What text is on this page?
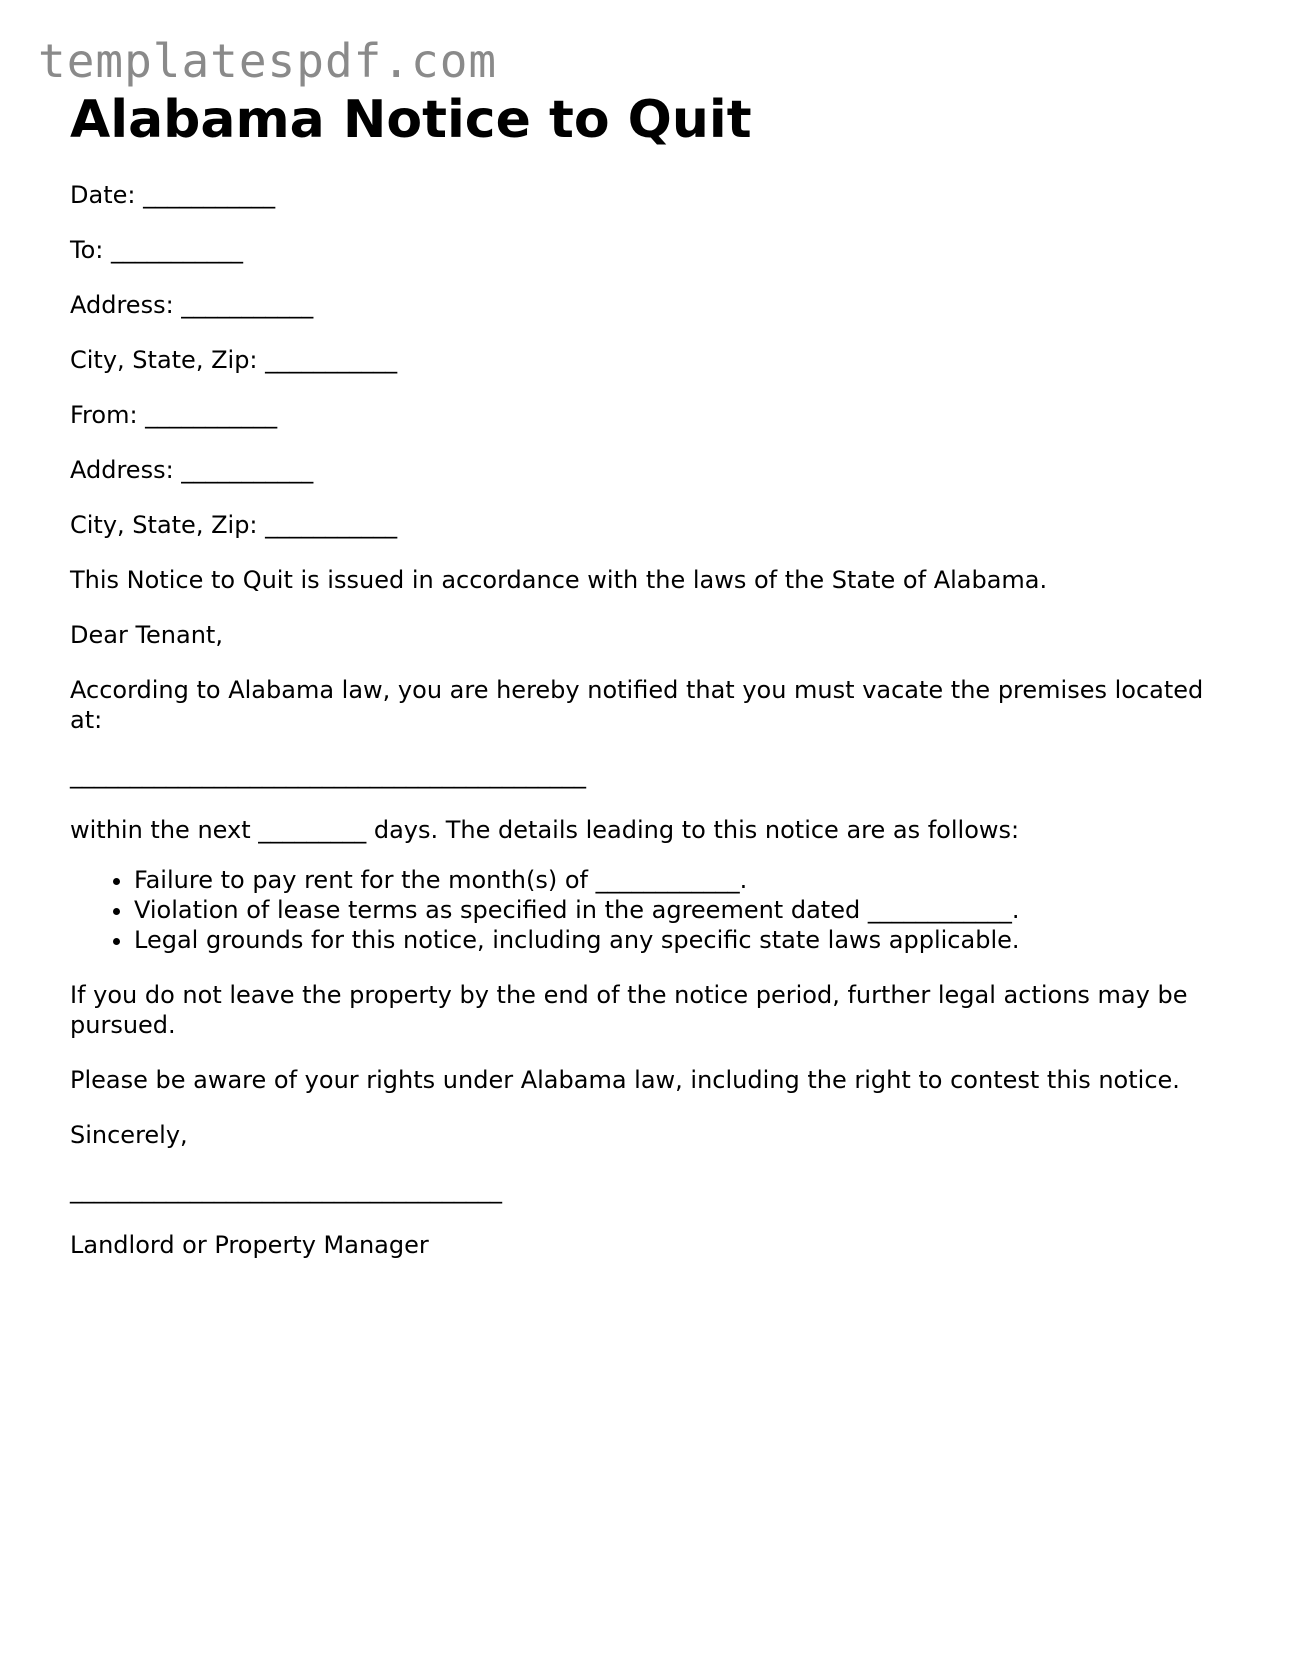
templatespdf.com
Alabama Notice to Quit

Date: ___________

To: ___________

Address: ___________

City, State, Zip: ___________

From: ___________

Address: ___________

City, State, Zip: ___________

This Notice to Quit is issued in accordance with the laws of the State of Alabama.

Dear Tenant,

According to Alabama law, you are hereby notified that you must vacate the premises located at:

___________________________________________

within the next _________ days. The details leading to this notice are as follows:

• Failure to pay rent for the month(s) of ____________.
• Violation of lease terms as specified in the agreement dated ____________.
• Legal grounds for this notice, including any specific state laws applicable.

If you do not leave the property by the end of the notice period, further legal actions may be pursued.

Please be aware of your rights under Alabama law, including the right to contest this notice.

Sincerely,

____________________________________

Landlord or Property Manager
